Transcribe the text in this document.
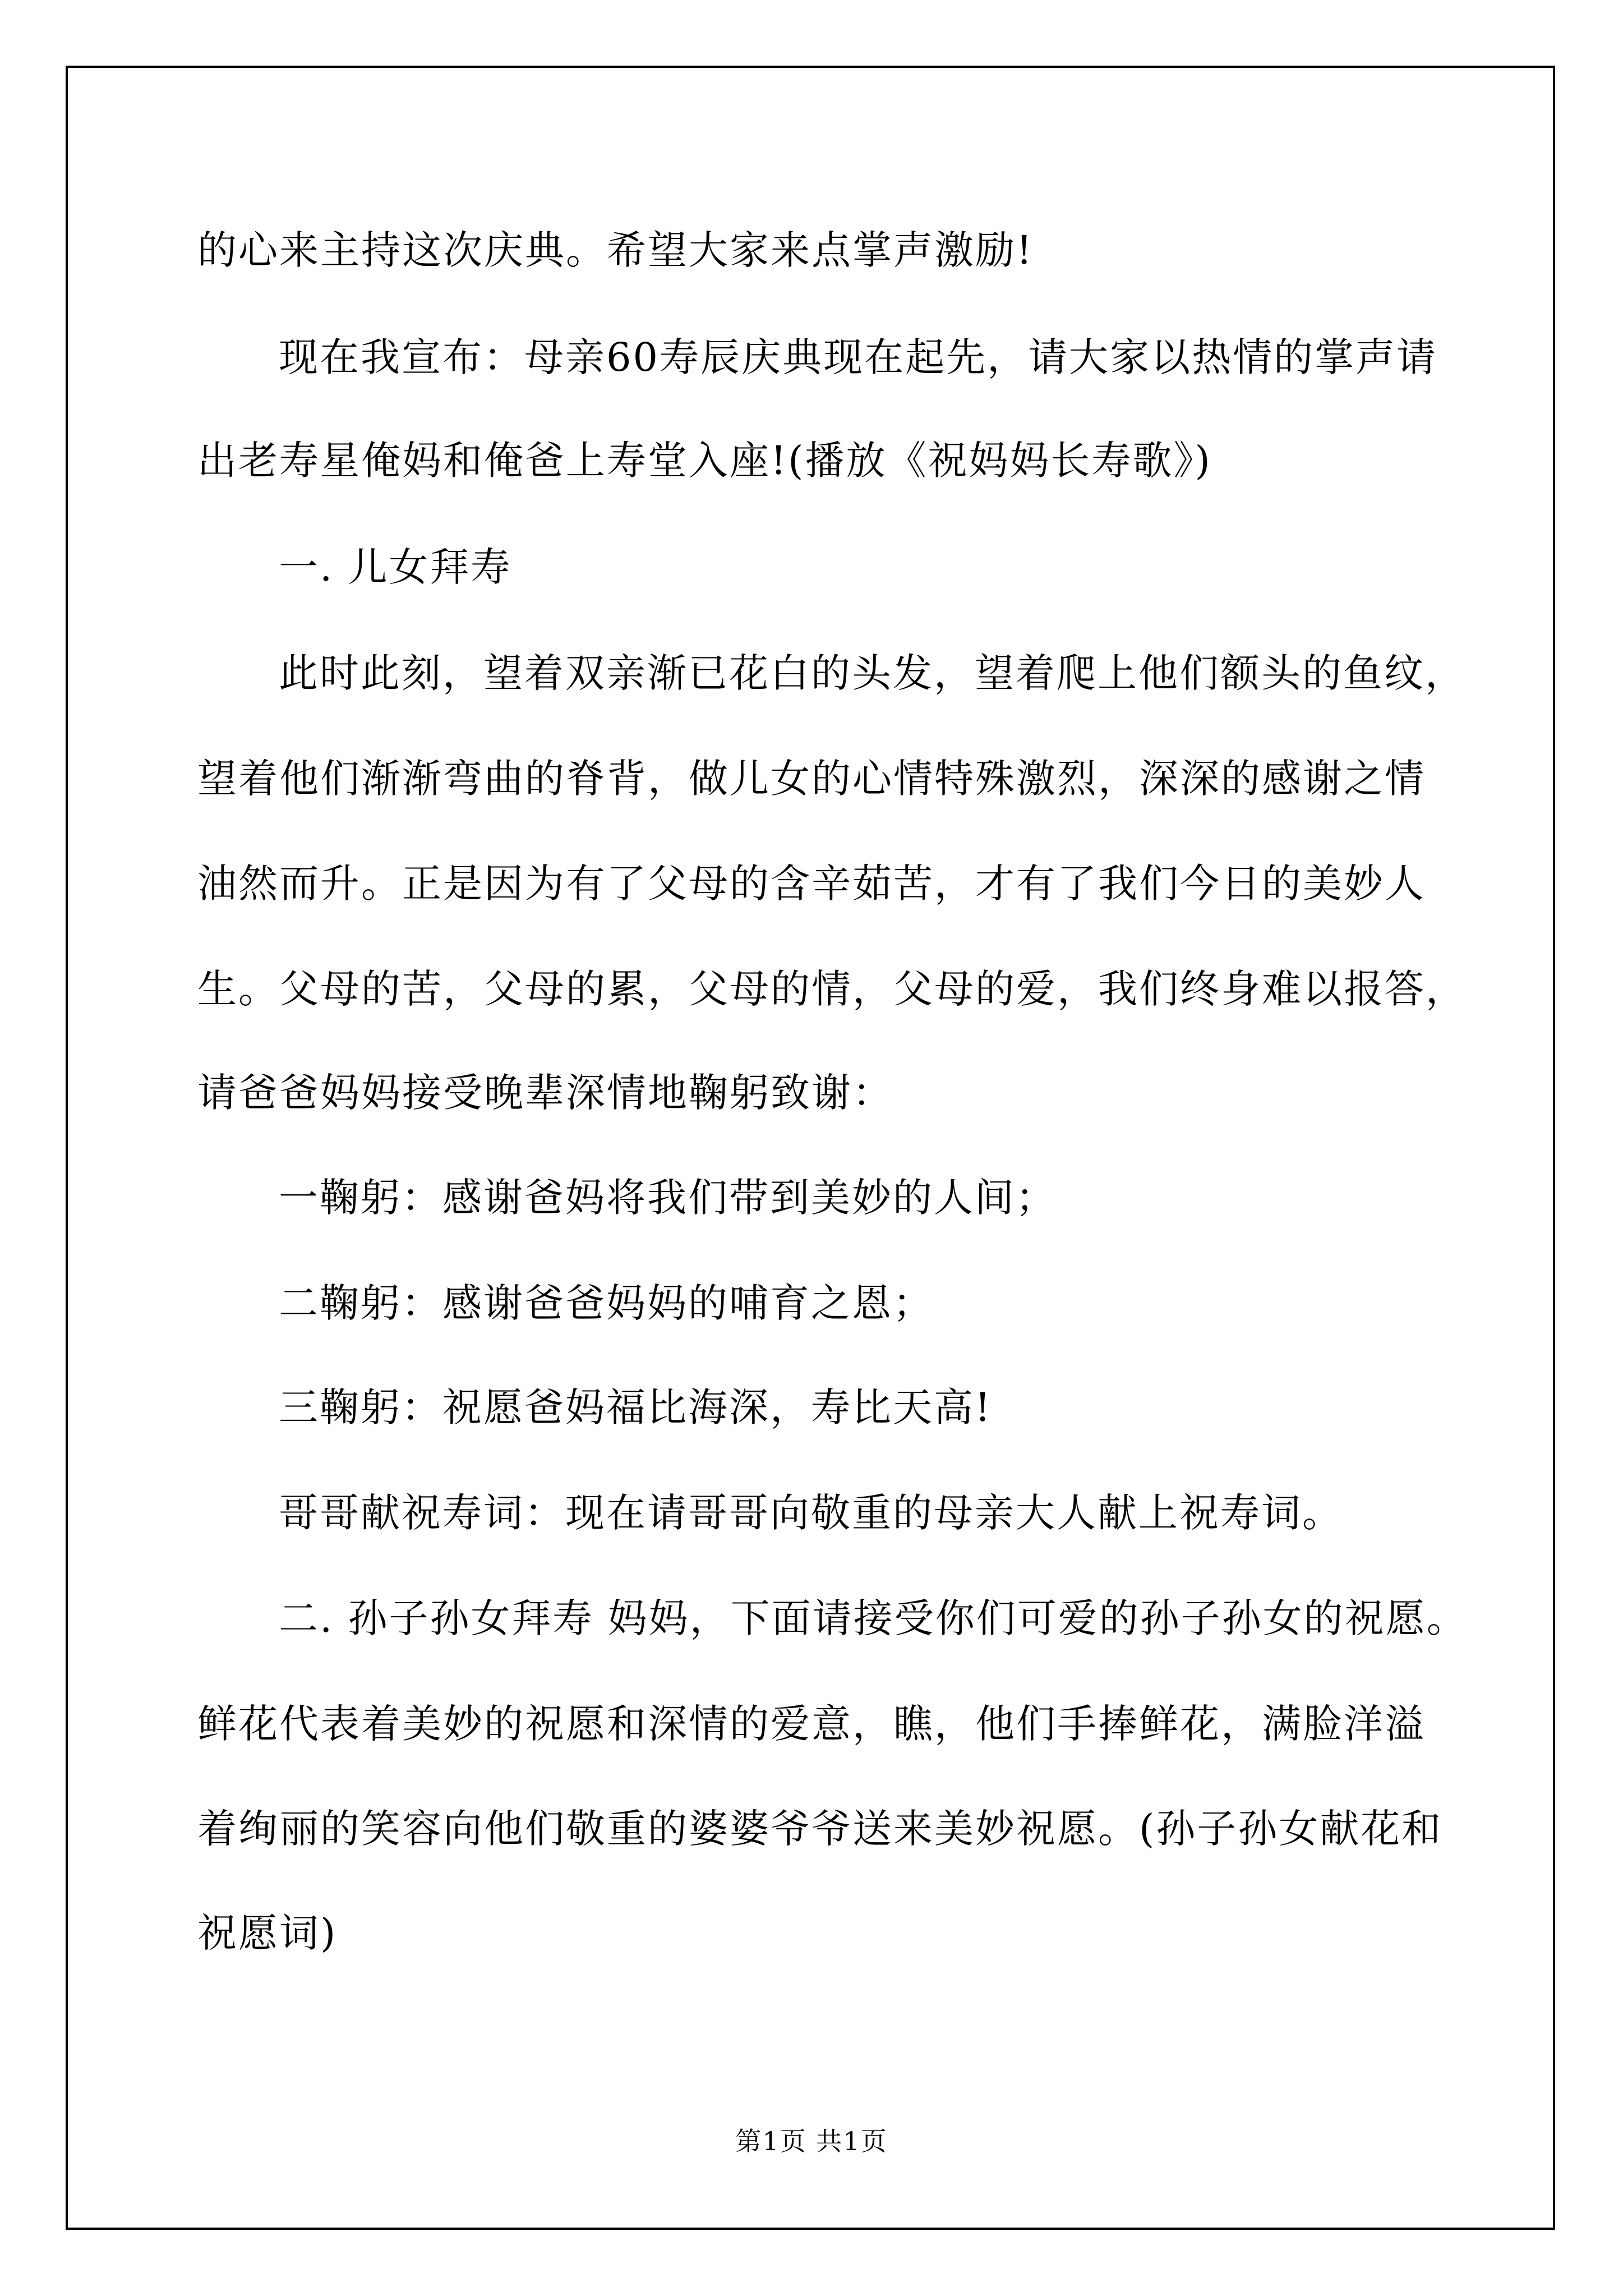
的心来主持这次庆典。希望大家来点掌声激励!
现在我宣布：母亲60寿辰庆典现在起先，请大家以热情的掌声请
出老寿星俺妈和俺爸上寿堂入座!(播放《祝妈妈长寿歌》)
一. 儿女拜寿
此时此刻，望着双亲渐已花白的头发，望着爬上他们额头的鱼纹，
望着他们渐渐弯曲的脊背，做儿女的心情特殊激烈，深深的感谢之情
油然而升。正是因为有了父母的含辛茹苦，才有了我们今日的美妙人
生。父母的苦，父母的累，父母的情，父母的爱，我们终身难以报答，
请爸爸妈妈接受晚辈深情地鞠躬致谢：
一鞠躬：感谢爸妈将我们带到美妙的人间；
二鞠躬：感谢爸爸妈妈的哺育之恩；
三鞠躬：祝愿爸妈福比海深，寿比天高!
哥哥献祝寿词：现在请哥哥向敬重的母亲大人献上祝寿词。
二. 孙子孙女拜寿 妈妈，下面请接受你们可爱的孙子孙女的祝愿。
鲜花代表着美妙的祝愿和深情的爱意，瞧，他们手捧鲜花，满脸洋溢
着绚丽的笑容向他们敬重的婆婆爷爷送来美妙祝愿。(孙子孙女献花和
祝愿词)
第1页 共1页
